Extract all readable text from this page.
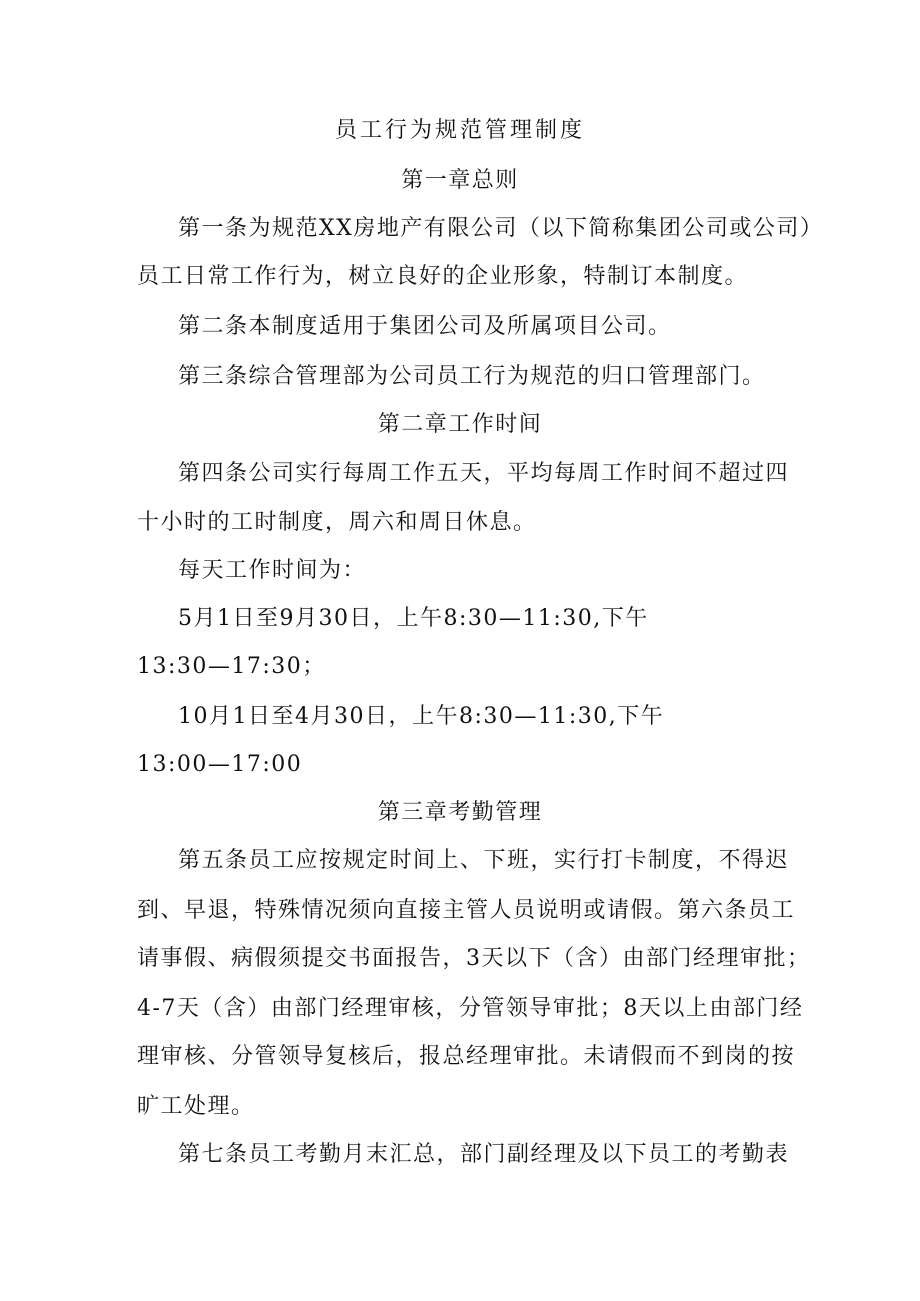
员工行为规范管理制度
第一章总则
第一条为规范XX房地产有限公司（以下简称集团公司或公司）
员工日常工作行为，树立良好的企业形象，特制订本制度。
第二条本制度适用于集团公司及所属项目公司。
第三条综合管理部为公司员工行为规范的归口管理部门。
第二章工作时间
第四条公司实行每周工作五天，平均每周工作时间不超过四
十小时的工时制度，周六和周日休息。
每天工作时间为：
5月1日至9月30日，上午8:30—11:30,下午
13:30—17:30；
10月1日至4月30日，上午8:30—11:30,下午
13:00—17:00
第三章考勤管理
第五条员工应按规定时间上、下班，实行打卡制度，不得迟
到、早退，特殊情况须向直接主管人员说明或请假。第六条员工
请事假、病假须提交书面报告，3天以下（含）由部门经理审批；
4-7天（含）由部门经理审核，分管领导审批；8天以上由部门经
理审核、分管领导复核后，报总经理审批。未请假而不到岗的按
旷工处理。
第七条员工考勤月末汇总，部门副经理及以下员工的考勤表
